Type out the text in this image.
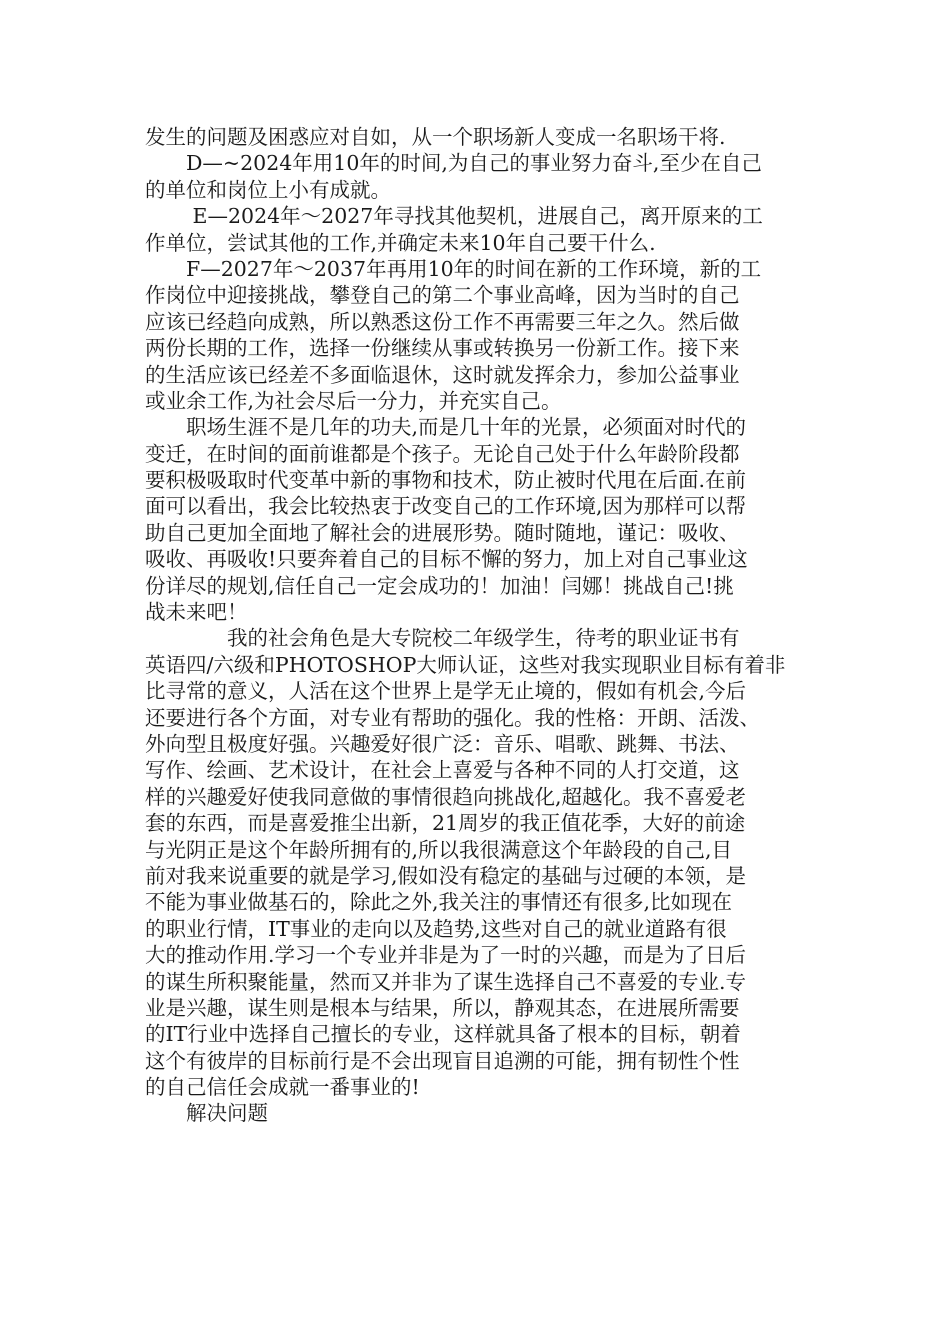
发生的问题及困惑应对自如，从一个职场新人变成一名职场干将.
　　D—~2024年用10年的时间,为自己的事业努力奋斗,至少在自己
的单位和岗位上小有成就。
　　 E—2024年～2027年寻找其他契机，进展自己，离开原来的工
作单位，尝试其他的工作,并确定未来10年自己要干什么.
　　F—2027年～2037年再用10年的时间在新的工作环境，新的工
作岗位中迎接挑战，攀登自己的第二个事业高峰，因为当时的自己
应该已经趋向成熟，所以熟悉这份工作不再需要三年之久。然后做
两份长期的工作，选择一份继续从事或转换另一份新工作。接下来
的生活应该已经差不多面临退休，这时就发挥余力，参加公益事业
或业余工作,为社会尽后一分力，并充实自己。
　　职场生涯不是几年的功夫,而是几十年的光景，必须面对时代的
变迁，在时间的面前谁都是个孩子。无论自己处于什么年龄阶段都
要积极吸取时代变革中新的事物和技术，防止被时代甩在后面.在前
面可以看出，我会比较热衷于改变自己的工作环境,因为那样可以帮
助自己更加全面地了解社会的进展形势。随时随地，谨记：吸收、
吸收、再吸收!只要奔着自己的目标不懈的努力，加上对自己事业这
份详尽的规划,信任自己一定会成功的！加油！闫娜！挑战自己!挑
战未来吧！
　　　　我的社会角色是大专院校二年级学生，待考的职业证书有
英语四/六级和PHOTOSHOP大师认证，这些对我实现职业目标有着非
比寻常的意义，人活在这个世界上是学无止境的，假如有机会,今后
还要进行各个方面，对专业有帮助的强化。我的性格：开朗、活泼、
外向型且极度好强。兴趣爱好很广泛：音乐、唱歌、跳舞、书法、
写作、绘画、艺术设计，在社会上喜爱与各种不同的人打交道，这
样的兴趣爱好使我同意做的事情很趋向挑战化,超越化。我不喜爱老
套的东西，而是喜爱推尘出新，21周岁的我正值花季，大好的前途
与光阴正是这个年龄所拥有的,所以我很满意这个年龄段的自己,目
前对我来说重要的就是学习,假如没有稳定的基础与过硬的本领，是
不能为事业做基石的，除此之外,我关注的事情还有很多,比如现在
的职业行情，IT事业的走向以及趋势,这些对自己的就业道路有很
大的推动作用.学习一个专业并非是为了一时的兴趣，而是为了日后
的谋生所积聚能量，然而又并非为了谋生选择自己不喜爱的专业.专
业是兴趣，谋生则是根本与结果，所以，静观其态，在进展所需要
的IT行业中选择自己擅长的专业，这样就具备了根本的目标，朝着
这个有彼岸的目标前行是不会出现盲目追溯的可能，拥有韧性个性
的自己信任会成就一番事业的!
　　解决问题
